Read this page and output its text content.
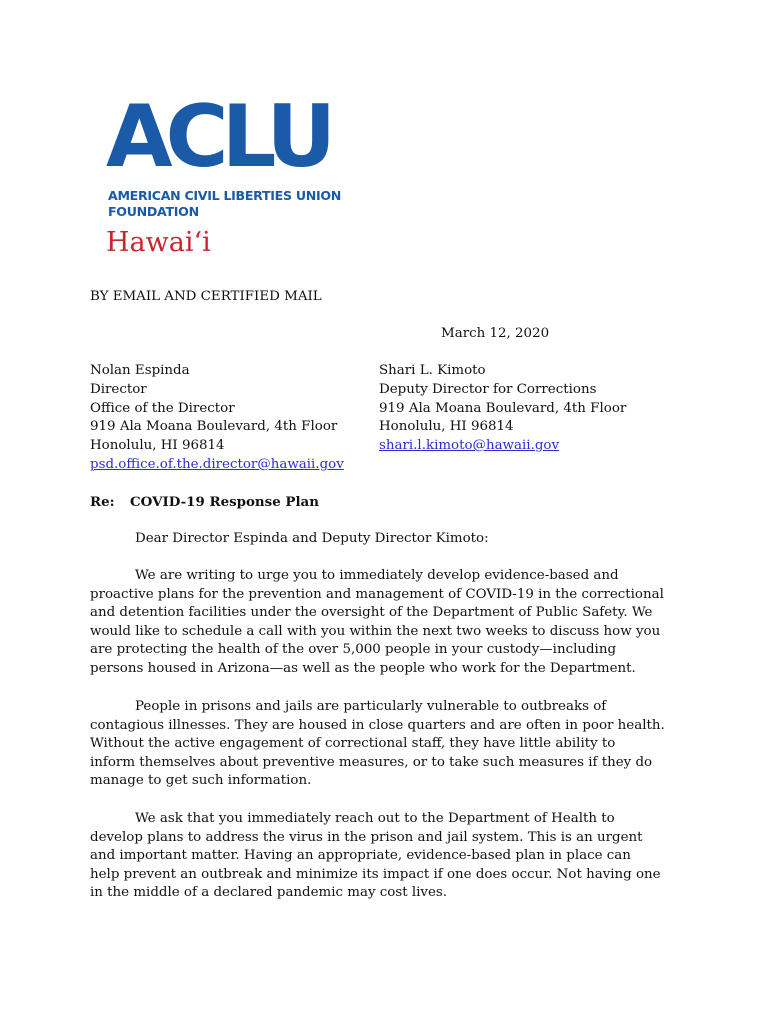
ACLU
AMERICAN CIVIL LIBERTIES UNION
FOUNDATION
Hawaiʻi
BY EMAIL AND CERTIFIED MAIL
March 12, 2020
Nolan Espinda
Director
Office of the Director
919 Ala Moana Boulevard, 4th Floor
Honolulu, HI 96814
psd.office.of.the.director@hawaii.gov
Shari L. Kimoto
Deputy Director for Corrections
919 Ala Moana Boulevard, 4th Floor
Honolulu, HI 96814
shari.l.kimoto@hawaii.gov
Re: COVID-19 Response Plan
Dear Director Espinda and Deputy Director Kimoto:
We are writing to urge you to immediately develop evidence-based and
proactive plans for the prevention and management of COVID-19 in the correctional
and detention facilities under the oversight of the Department of Public Safety. We
would like to schedule a call with you within the next two weeks to discuss how you
are protecting the health of the over 5,000 people in your custody—including
persons housed in Arizona—as well as the people who work for the Department.
People in prisons and jails are particularly vulnerable to outbreaks of
contagious illnesses. They are housed in close quarters and are often in poor health.
Without the active engagement of correctional staff, they have little ability to
inform themselves about preventive measures, or to take such measures if they do
manage to get such information.
We ask that you immediately reach out to the Department of Health to
develop plans to address the virus in the prison and jail system. This is an urgent
and important matter. Having an appropriate, evidence-based plan in place can
help prevent an outbreak and minimize its impact if one does occur. Not having one
in the middle of a declared pandemic may cost lives.
